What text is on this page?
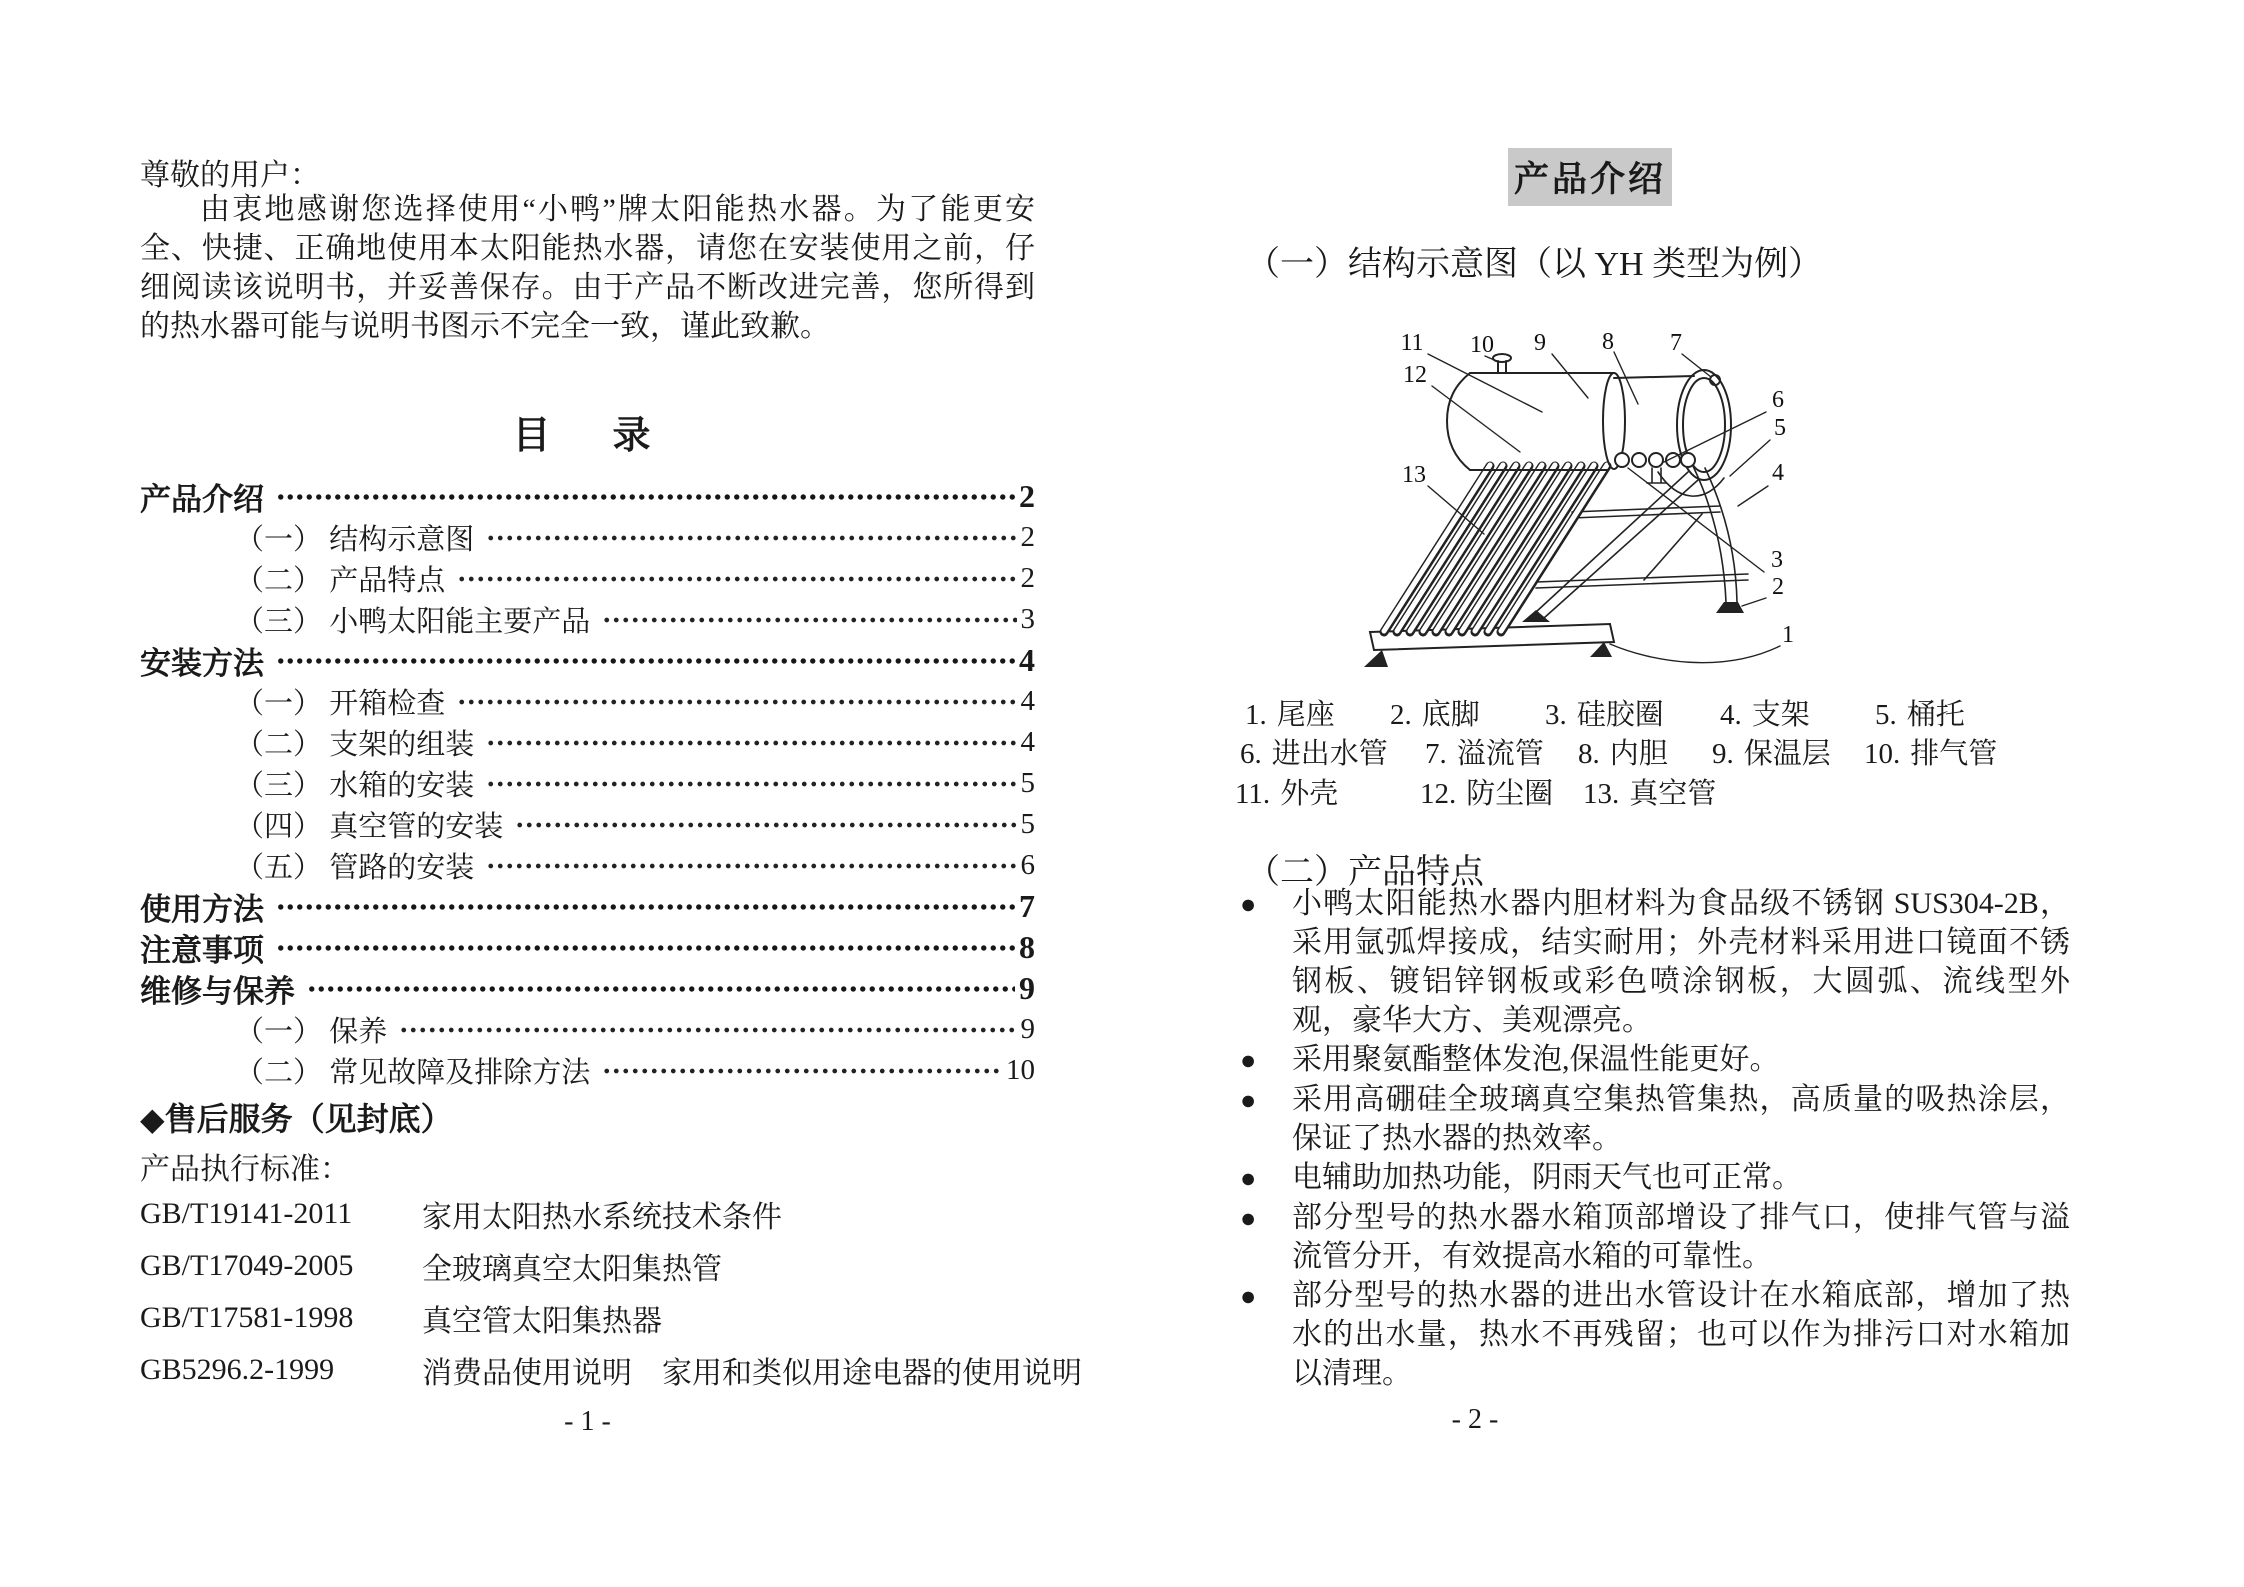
尊敬的用户：

由衷地感谢您选择使用“小鸭”牌太阳能热水器。为了能更安全、快捷、正确地使用本太阳能热水器，请您在安装使用之前，仔细阅读该说明书，并妥善保存。由于产品不断改进完善，您所得到的热水器可能与说明书图示不完全一致，谨此致歉。

目　录
产品介绍	2
（一） 结构示意图	2
（二） 产品特点	2
（三） 小鸭太阳能主要产品	3
安装方法	4
（一） 开箱检查	4
（二） 支架的组装	4
（三） 水箱的安装	5
（四） 真空管的安装	5
（五） 管路的安装	6
使用方法	7
注意事项	8
维修与保养	9
（一） 保养	9
（二） 常见故障及排除方法	10
◆售后服务（见封底）
产品执行标准：
GB/T19141-2011	家用太阳热水系统技术条件
GB/T17049-2005	全玻璃真空太阳集热管
GB/T17581-1998	真空管太阳集热器
GB5296.2-1999	消费品使用说明　家用和类似用途电器的使用说明
- 1 -
产品介绍
（一）结构示意图（以 YH 类型为例）
11 10 9 8 7
12
6
5
4
13
3
2
1
1. 尾座 2. 底脚 3. 硅胶圈 4. 支架 5. 桶托
6. 进出水管 7. 溢流管 8. 内胆 9. 保温层 10. 排气管
11. 外壳	12. 防尘圈 13. 真空管
（二）产品特点
●	小鸭太阳能热水器内胆材料为食品级不锈钢 SUS304-2B，采用氩弧焊接成，结实耐用；外壳材料采用进口镜面不锈钢板、镀铝锌钢板或彩色喷涂钢板，大圆弧、流线型外观，豪华大方、美观漂亮。
●	采用聚氨酯整体发泡,保温性能更好。
●	采用高硼硅全玻璃真空集热管集热，高质量的吸热涂层，保证了热水器的热效率。
●	电辅助加热功能，阴雨天气也可正常。
●	部分型号的热水器水箱顶部增设了排气口，使排气管与溢流管分开，有效提高水箱的可靠性。
●	部分型号的热水器的进出水管设计在水箱底部，增加了热水的出水量，热水不再残留；也可以作为排污口对水箱加以清理。
- 2 -
